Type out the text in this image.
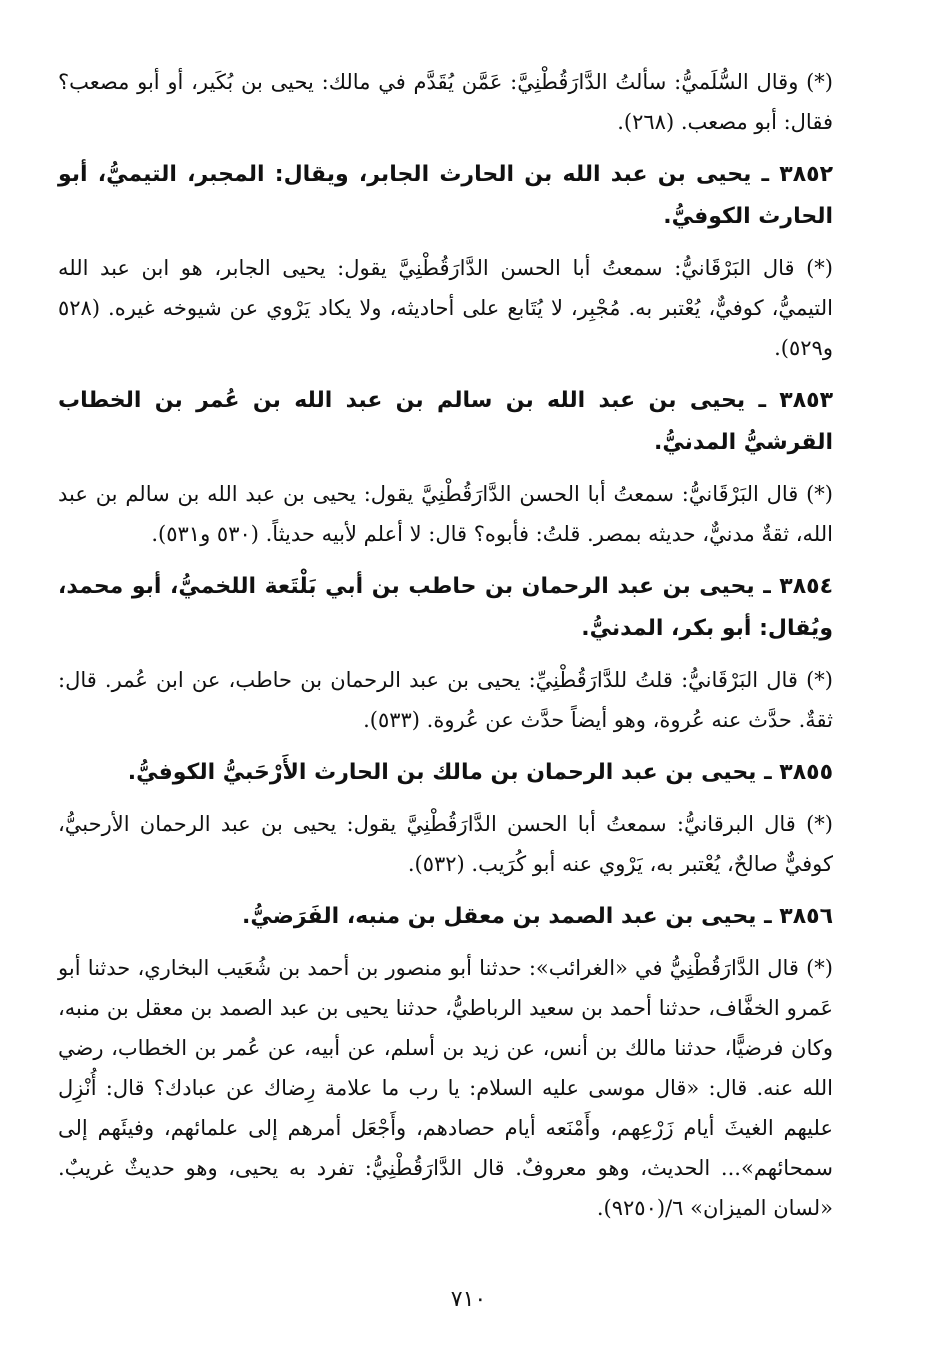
(*) وقال السُّلَميُّ: سألتُ الدَّارَقُطْنِيَّ: عَمَّن يُقَدَّم في مالك: يحيى بن بُكَير، أو أبو مصعب؟ فقال: أبو مصعب. (٢٦٨).

٣٨٥٢ ـ يحيى بن عبد الله بن الحارث الجابر، ويقال: المجبر، التيميُّ، أبو الحارث الكوفيُّ.

(*) قال البَرْقَانيُّ: سمعتُ أبا الحسن الدَّارَقُطْنِيَّ يقول: يحيى الجابر، هو ابن عبد الله التيميُّ، كوفيٌّ، يُعْتبر به. مُجْبِر، لا يُتَابع على أحاديثه، ولا يكاد يَرْوي عن شيوخه غيره. (٥٢٨ و٥٢٩).

٣٨٥٣ ـ يحيى بن عبد الله بن سالم بن عبد الله بن عُمر بن الخطاب القرشيُّ المدنيُّ.

(*) قال البَرْقَانيُّ: سمعتُ أبا الحسن الدَّارَقُطْنِيَّ يقول: يحيى بن عبد الله بن سالم بن عبد الله، ثقةٌ مدنيٌّ، حديثه بمصر. قلتُ: فأبوه؟ قال: لا أعلم لأبيه حديثاً. (٥٣٠ و٥٣١).

٣٨٥٤ ـ يحيى بن عبد الرحمان بن حاطب بن أبي بَلْتَعة اللخميُّ، أبو محمد، ويُقال: أبو بكر، المدنيُّ.

(*) قال البَرْقَانيُّ: قلتُ للدَّارَقُطْنِيِّ: يحيى بن عبد الرحمان بن حاطب، عن ابن عُمر. قال: ثقةٌ. حدَّث عنه عُروة، وهو أيضاً حدَّث عن عُروة. (٥٣٣).

٣٨٥٥ ـ يحيى بن عبد الرحمان بن مالك بن الحارث الأَرْحَبيُّ الكوفيُّ.

(*) قال البرقانيُّ: سمعتُ أبا الحسن الدَّارَقُطْنِيَّ يقول: يحيى بن عبد الرحمان الأرحبيُّ، كوفيٌّ صالحٌ، يُعْتبر به، يَرْوي عنه أبو كُرَيب. (٥٣٢).

٣٨٥٦ ـ يحيى بن عبد الصمد بن معقل بن منبه، الفَرَضيُّ.

(*) قال الدَّارَقُطْنِيُّ في «الغرائب»: حدثنا أبو منصور بن أحمد بن شُعَيب البخاري، حدثنا أبو عَمرو الخفَّاف، حدثنا أحمد بن سعيد الرباطيُّ، حدثنا يحيى بن عبد الصمد بن معقل بن منبه، وكان فرضيًّا، حدثنا مالك بن أنس، عن زيد بن أسلم، عن أبيه، عن عُمر بن الخطاب، رضي الله عنه. قال: «قال موسى عليه السلام: يا رب ما علامة رِضاك عن عبادك؟ قال: أُنْزِل عليهم الغيثَ أيام زَرْعِهم، وأَمْنَعه أيام حصادهم، وأَجْعَل أمرهم إلى علمائهم، وفيئَهم إلى سمحائهم»... الحديث، وهو معروفٌ. قال الدَّارَقُطْنِيُّ: تفرد به يحيى، وهو حديثٌ غريبٌ. «لسان الميزان» ٦/(٩٢٥٠).

٧١٠
